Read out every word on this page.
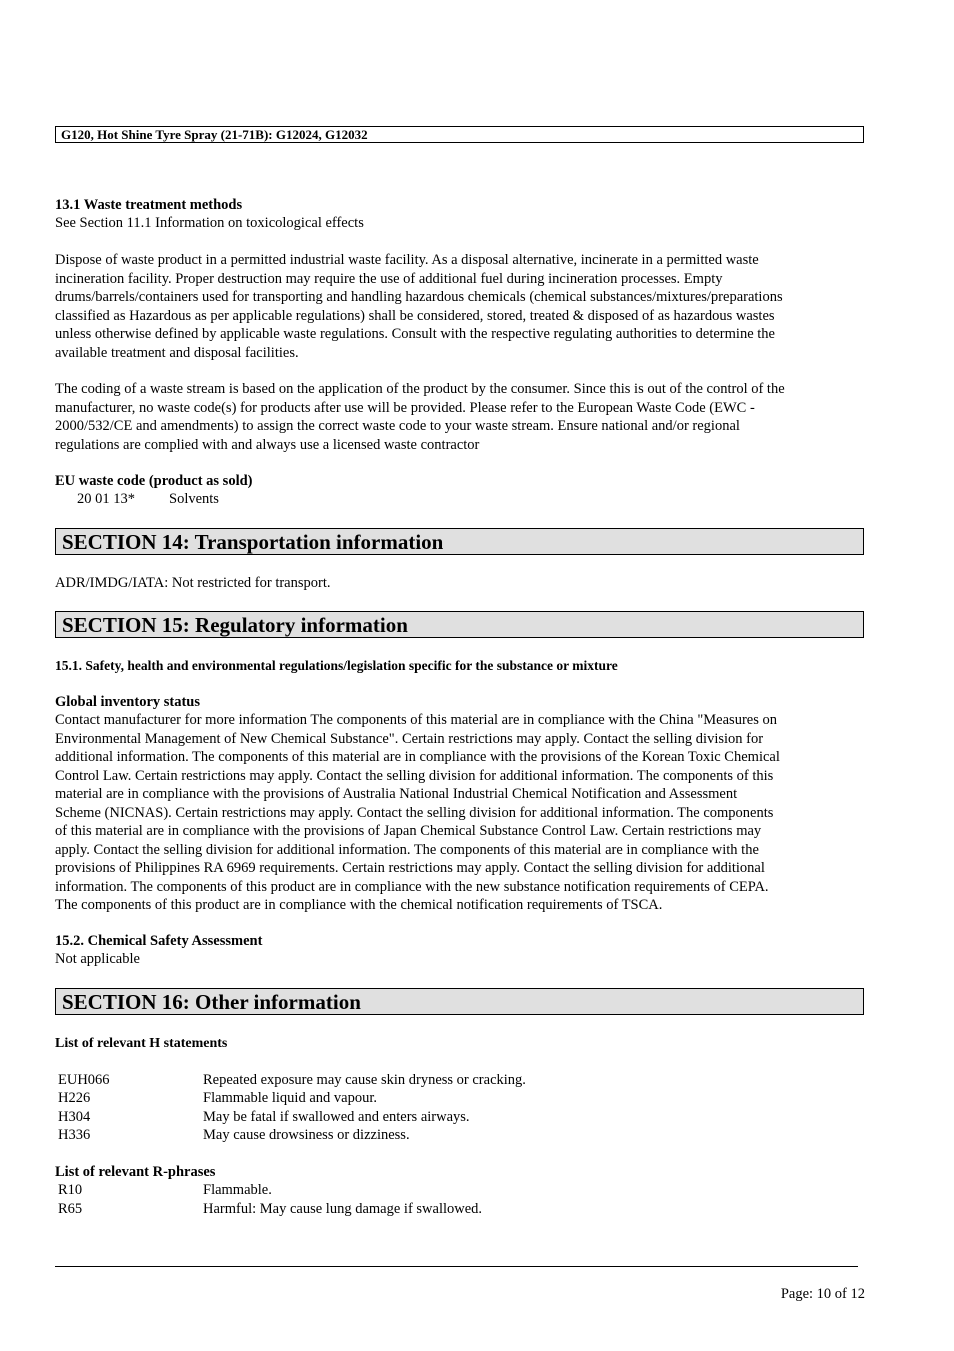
G120, Hot Shine Tyre Spray (21-71B): G12024, G12032
13.1 Waste treatment methods
See Section 11.1 Information on toxicological effects
Dispose of waste product in a permitted industrial waste facility. As a disposal alternative, incinerate in a permitted waste
incineration facility. Proper destruction may require the use of additional fuel during incineration processes. Empty
drums/barrels/containers used for transporting and handling hazardous chemicals (chemical substances/mixtures/preparations
classified as Hazardous as per applicable regulations) shall be considered, stored, treated & disposed of as hazardous wastes
unless otherwise defined by applicable waste regulations. Consult with the respective regulating authorities to determine the
available treatment and disposal facilities.
The coding of a waste stream is based on the application of the product by the consumer. Since this is out of the control of the
manufacturer, no waste code(s) for products after use will be provided. Please refer to the European Waste Code (EWC -
2000/532/CE and amendments) to assign the correct waste code to your waste stream. Ensure national and/or regional
regulations are complied with and always use a licensed waste contractor
EU waste code (product as sold)
20 01 13* Solvents
SECTION 14: Transportation information
ADR/IMDG/IATA: Not restricted for transport.
SECTION 15: Regulatory information
15.1. Safety, health and environmental regulations/legislation specific for the substance or mixture
Global inventory status
Contact manufacturer for more information The components of this material are in compliance with the China "Measures on
Environmental Management of New Chemical Substance". Certain restrictions may apply. Contact the selling division for
additional information. The components of this material are in compliance with the provisions of the Korean Toxic Chemical
Control Law. Certain restrictions may apply. Contact the selling division for additional information. The components of this
material are in compliance with the provisions of Australia National Industrial Chemical Notification and Assessment
Scheme (NICNAS). Certain restrictions may apply. Contact the selling division for additional information. The components
of this material are in compliance with the provisions of Japan Chemical Substance Control Law. Certain restrictions may
apply. Contact the selling division for additional information. The components of this material are in compliance with the
provisions of Philippines RA 6969 requirements. Certain restrictions may apply. Contact the selling division for additional
information. The components of this product are in compliance with the new substance notification requirements of CEPA.
The components of this product are in compliance with the chemical notification requirements of TSCA.
15.2. Chemical Safety Assessment
Not applicable
SECTION 16: Other information
List of relevant H statements
EUH066	Repeated exposure may cause skin dryness or cracking.
H226	Flammable liquid and vapour.
H304	May be fatal if swallowed and enters airways.
H336	May cause drowsiness or dizziness.
List of relevant R-phrases
R10	Flammable.
R65	Harmful: May cause lung damage if swallowed.
Page: 10 of 12
